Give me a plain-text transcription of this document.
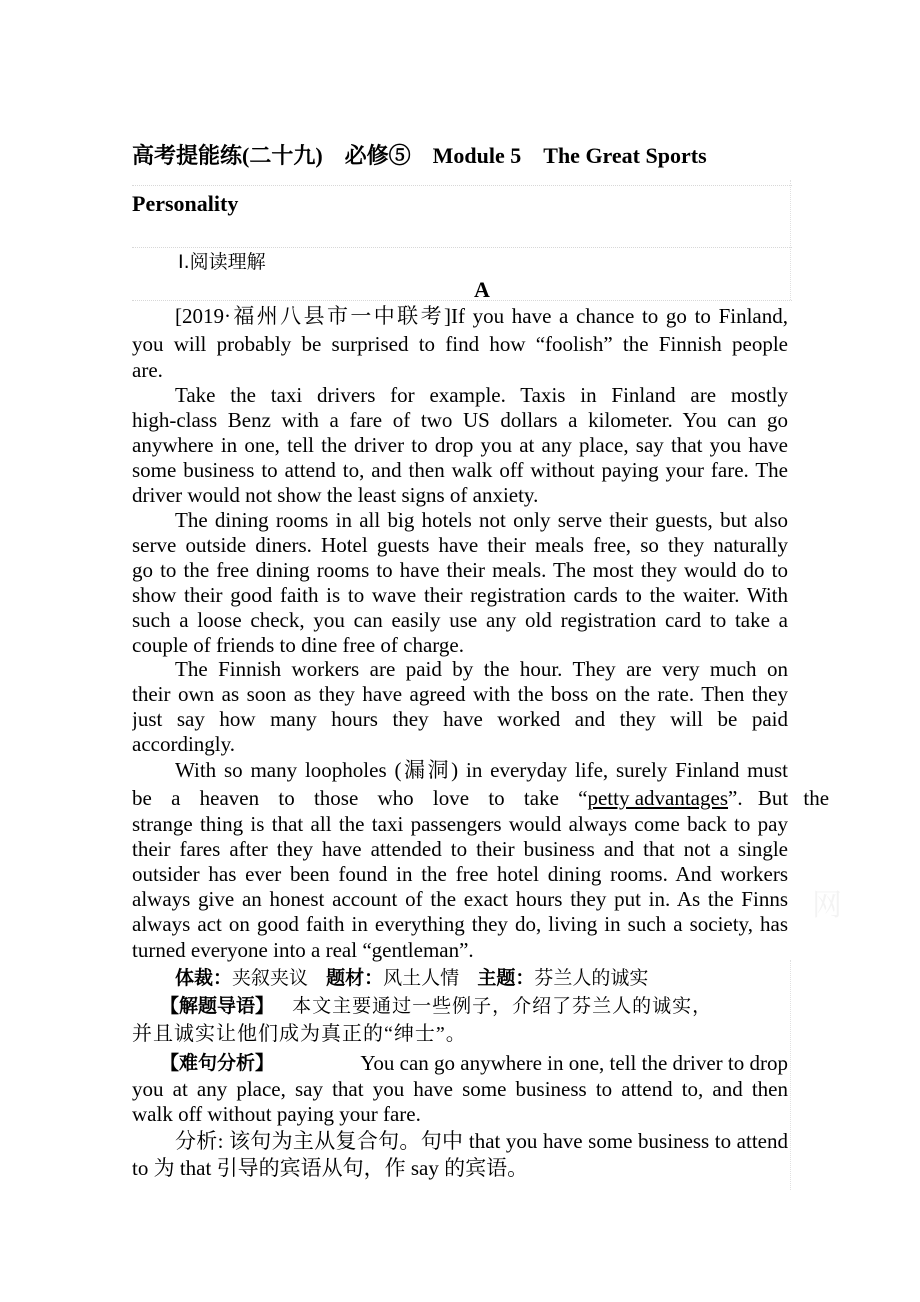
网
高考提能练(二十九)　必修⑤ Module 5　The Great Sports
Personality
Ⅰ.阅读理解
A
[2019·福州八县市一中联考]If you have a chance to go to Finland,
you will probably be surprised to find how “foolish” the Finnish people
are.
Take the taxi drivers for example. Taxis in Finland are mostly
high-class Benz with a fare of two US dollars a kilometer. You can go
anywhere in one, tell the driver to drop you at any place, say that you have
some business to attend to, and then walk off without paying your fare. The
driver would not show the least signs of anxiety.
The dining rooms in all big hotels not only serve their guests, but also
serve outside diners. Hotel guests have their meals free, so they naturally
go to the free dining rooms to have their meals. The most they would do to
show their good faith is to wave their registration cards to the waiter. With
such a loose check, you can easily use any old registration card to take a
couple of friends to dine free of charge.
The Finnish workers are paid by the hour. They are very much on
their own as soon as they have agreed with the boss on the rate. Then they
just say how many hours they have worked and they will be paid
accordingly.
With so many loopholes (漏洞) in everyday life, surely Finland must
be a heaven to those who love to take “ petty advantages ”. But the
strange thing is that all the taxi passengers would always come back to pay
their fares after they have attended to their business and that not a single
outsider has ever been found in the free hotel dining rooms. And workers
always give an honest account of the exact hours they put in. As the Finns
always act on good faith in everything they do, living in such a society, has
turned everyone into a real “gentleman”.
体裁：夹叙夹议 题材：风土人情 主题：芬兰人的诚实
【解题导语】 本文主要通过一些例子，介绍了芬兰人的诚实，
并且诚实让他们成为真正的“绅士”。
【难句分析】	You can go anywhere in one, tell the driver to drop
you at any place, say that you have some business to attend to, and then
walk off without paying your fare.
分析: 该句为主从复合句。句中 that you have some business to attend
to 为 that 引导的宾语从句，作 say 的宾语。
